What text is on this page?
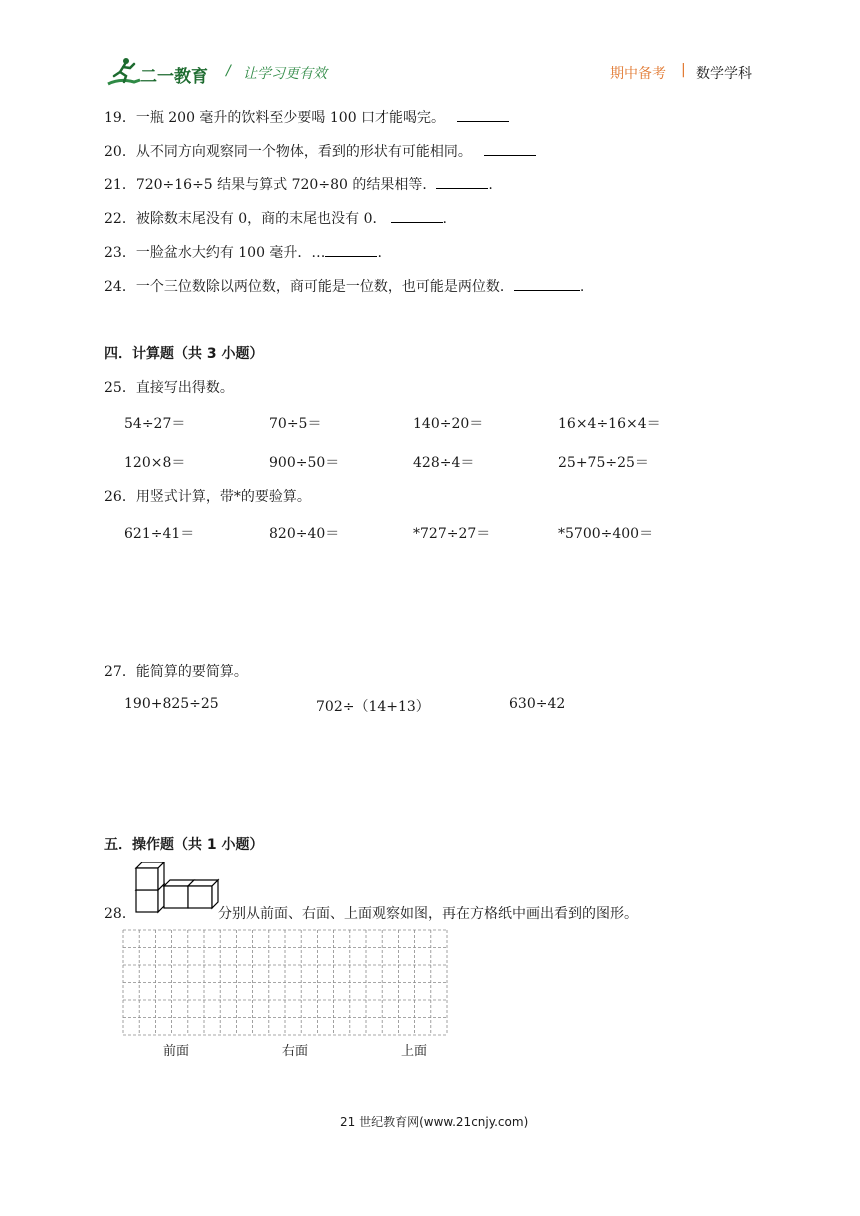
二一教育 / 让学习更有效	期中备考 | 数学学科
19．一瓶 200 毫升的饮料至少要喝 100 口才能喝完。
20．从不同方向观察同一个物体，看到的形状有可能相同。
21．720÷16÷5 结果与算式 720÷80 的结果相等．	.
22．被除数末尾没有 0，商的末尾也没有 0．	.
23．一脸盆水大约有 100 毫升．…	.
24．一个三位数除以两位数，商可能是一位数，也可能是两位数．	.
四．计算题（共 3 小题）
25．直接写出得数。
54÷27＝	70÷5＝	140÷20＝	16×4÷16×4＝
120×8＝	900÷50＝	428÷4＝	25+75÷25＝
26．用竖式计算，带*的要验算。
621÷41＝	820÷40＝	*727÷27＝	*5700÷400＝
27．能简算的要简算。
190+825÷25	702÷（14+13）	630÷42
五．操作题（共 1 小题）
28．	分别从前面、右面、上面观察如图，再在方格纸中画出看到的图形。
前面	右面	上面
21 世纪教育网(www.21cnjy.com)
